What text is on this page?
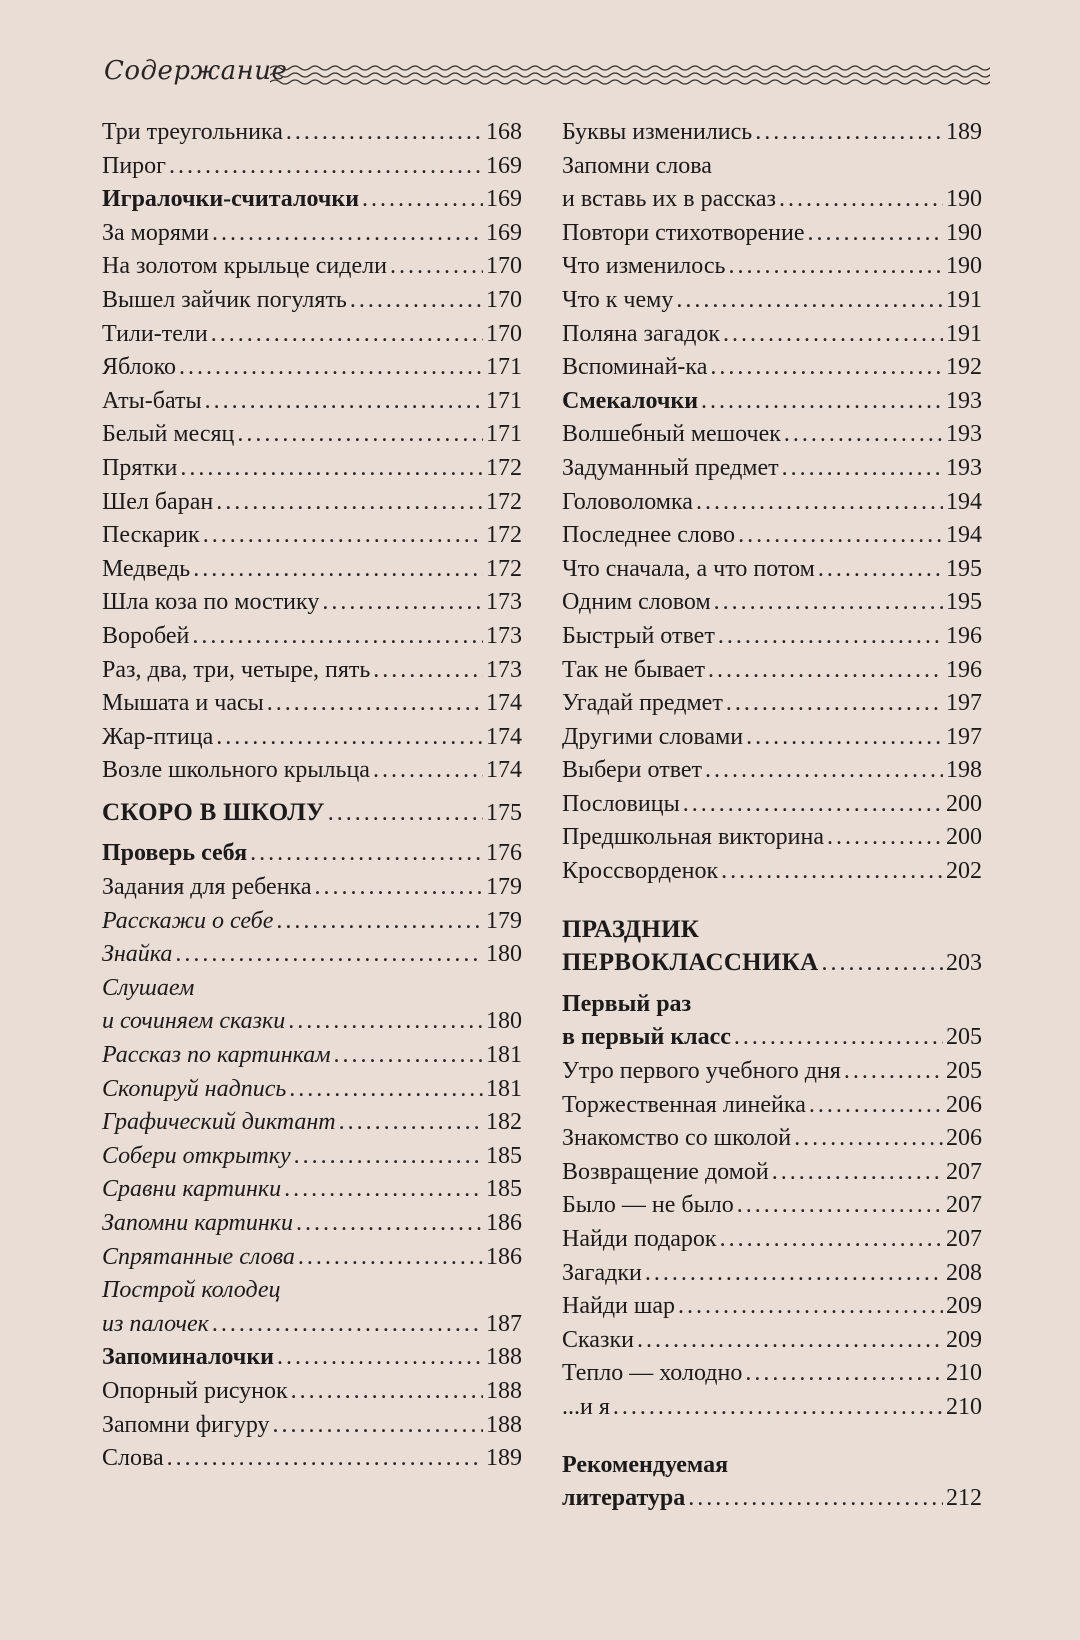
Содержание
Три треугольника .....	168
Пирог .....	169
Игралочки-считалочки .....	169
За морями .....	169
На золотом крыльце сидели .....	170
Вышел зайчик погулять .....	170
Тили-тели .....	170
Яблоко .....	171
Аты-баты .....	171
Белый месяц .....	171
Прятки .....	172
Шел баран .....	172
Пескарик .....	172
Медведь .....	172
Шла коза по мостику .....	173
Воробей .....	173
Раз, два, три, четыре, пять .....	173
Мышата и часы .....	174
Жар-птица .....	174
Возле школьного крыльца .....	174
СКОРО В ШКОЛУ .....	175
Проверь себя .....	176
Задания для ребенка .....	179
Расскажи о себе .....	179
Знайка .....	180
Слушаем
и сочиняем сказки .....	180
Рассказ по картинкам .....	181
Скопируй надпись .....	181
Графический диктант .....	182
Собери открытку .....	185
Сравни картинки .....	185
Запомни картинки .....	186
Спрятанные слова .....	186
Построй колодец
из палочек .....	187
Запоминалочки .....	188
Опорный рисунок .....	188
Запомни фигуру .....	188
Слова .....	189
Буквы изменились .....	189
Запомни слова
и вставь их в рассказ .....	190
Повтори стихотворение .....	190
Что изменилось .....	190
Что к чему .....	191
Поляна загадок .....	191
Вспоминай-ка .....	192
Смекалочки .....	193
Волшебный мешочек .....	193
Задуманный предмет .....	193
Головоломка .....	194
Последнее слово .....	194
Что сначала, а что потом .....	195
Одним словом .....	195
Быстрый ответ .....	196
Так не бывает .....	196
Угадай предмет .....	197
Другими словами .....	197
Выбери ответ .....	198
Пословицы .....	200
Предшкольная викторина .....	200
Кроссворденок .....	202
ПРАЗДНИК
ПЕРВОКЛАССНИКА .....	203
Первый раз
в первый класс .....	205
Утро первого учебного дня .....	205
Торжественная линейка .....	206
Знакомство со школой .....	206
Возвращение домой .....	207
Было — не было .....	207
Найди подарок .....	207
Загадки .....	208
Найди шар .....	209
Сказки .....	209
Тепло — холодно .....	210
...и я .....	210
Рекомендуемая
литература .....	212
